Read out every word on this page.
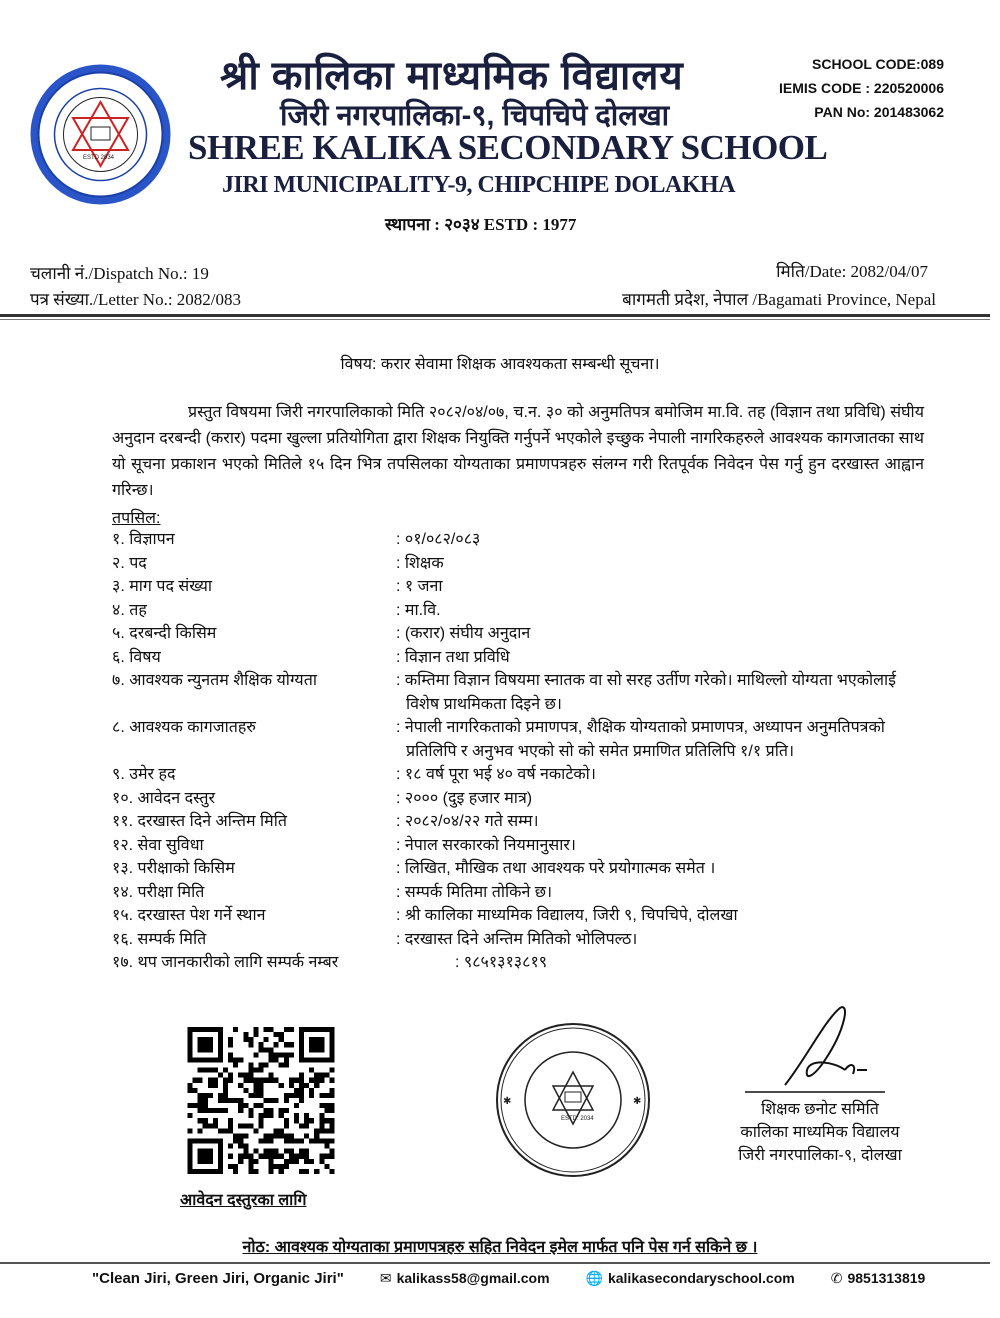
ESTD 2034
श्री कालिका माध्यमिक विद्यालय
जिरी नगरपालिका-९, चिपचिपे दोलखा
SHREE KALIKA SECONDARY SCHOOL
JIRI MUNICIPALITY-9, CHIPCHIPE DOLAKHA
स्थापना : २०३४ ESTD : 1977
SCHOOL CODE:089
IEMIS CODE : 220520006
PAN No: 201483062
चलानी नं./Dispatch No.: 19
पत्र संख्या./Letter No.: 2082/083
मिति/Date: 2082/04/07
बागमती प्रदेश, नेपाल /Bagamati Province, Nepal
विषय: करार सेवामा शिक्षक आवश्यकता सम्बन्धी सूचना।
प्रस्तुत विषयमा जिरी नगरपालिकाको मिति २०८२/०४/०७, च.न. ३० को अनुमतिपत्र बमोजिम मा.वि. तह (विज्ञान तथा प्रविधि) संघीय अनुदान दरबन्दी (करार) पदमा खुल्ला प्रतियोगिता द्वारा शिक्षक नियुक्ति गर्नुपर्ने भएकोले इच्छुक नेपाली नागरिकहरुले आवश्यक कागजातका साथ यो सूचना प्रकाशन भएको मितिले १५ दिन भित्र तपसिलका योग्यताका प्रमाणपत्रहरु संलग्न गरी रितपूर्वक निवेदन पेस गर्नु हुन दरखास्त आह्वान गरिन्छ।
तपसिल:
१. विज्ञापन	: ०१/०८२/०८३
२. पद	: शिक्षक
३. माग पद संख्या	: १ जना
४. तह	: मा.वि.
५. दरबन्दी किसिम	: (करार) संघीय अनुदान
६. विषय	: विज्ञान तथा प्रविधि
७. आवश्यक न्युनतम शैक्षिक योग्यता	: कम्तिमा विज्ञान विषयमा स्नातक वा सो सरह उर्तीण गरेको। माथिल्लो योग्यता भएकोलाई विशेष प्राथमिकता दिइने छ।
८. आवश्यक कागजातहरु	: नेपाली नागरिकताको प्रमाणपत्र, शैक्षिक योग्यताको प्रमाणपत्र, अध्यापन अनुमतिपत्रको प्रतिलिपि र अनुभव भएको सो को समेत प्रमाणित प्रतिलिपि १/१ प्रति।
९. उमेर हद	: १८ वर्ष पूरा भई ४० वर्ष नकाटेको।
१०. आवेदन दस्तुर	: २००० (दुइ हजार मात्र)
११. दरखास्त दिने अन्तिम मिति	: २०८२/०४/२२ गते सम्म।
१२. सेवा सुविधा	: नेपाल सरकारको नियमानुसार।
१३. परीक्षाको किसिम	: लिखित, मौखिक तथा आवश्यक परे प्रयोगात्मक समेत ।
१४. परीक्षा मिति	: सम्पर्क मितिमा तोकिने छ।
१५. दरखास्त पेश गर्ने स्थान	: श्री कालिका माध्यमिक विद्यालय, जिरी ९, चिपचिपे, दोलखा
१६. सम्पर्क मिति	: दरखास्त दिने अन्तिम मितिको भोलिपल्ठ।
१७. थप जानकारीको लागि सम्पर्क नम्बर	: ९८५१३१३८१९
आवेदन दस्तुरका लागि
ESTD: 2034
✱	✱	शिक्षक छनोट समिति
कालिका माध्यमिक विद्यालय
जिरी नगरपालिका-९, दोलखा
नोठ: आवश्यक योग्यताका प्रमाणपत्रहरु सहित निवेदन इमेल मार्फत पनि पेस गर्न सकिने छ ।
"Clean Jiri, Green Jiri, Organic Jiri"	✉ kalikass58@gmail.com	🌐 kalikasecondaryschool.com	✆ 9851313819
